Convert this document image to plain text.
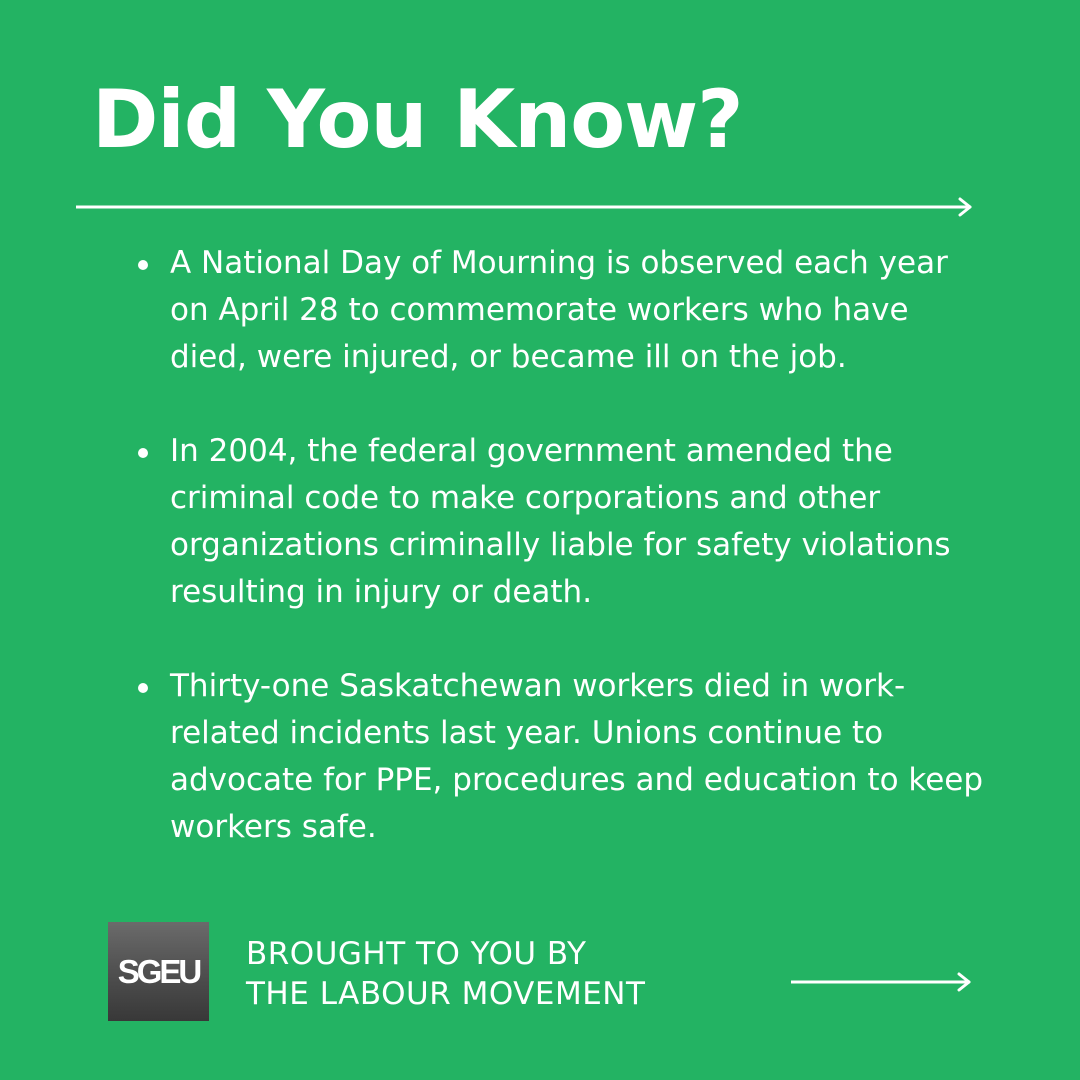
Did You Know?
A National Day of Mourning is observed each year on April 28 to commemorate workers who have died, were injured, or became ill on the job.
In 2004, the federal government amended the criminal code to make corporations and other organizations criminally liable for safety violations resulting in injury or death.
Thirty-one Saskatchewan workers died in work-related incidents last year. Unions continue to advocate for PPE, procedures and education to keep workers safe.
SGEU	BROUGHT TO YOU BY
THE LABOUR MOVEMENT
